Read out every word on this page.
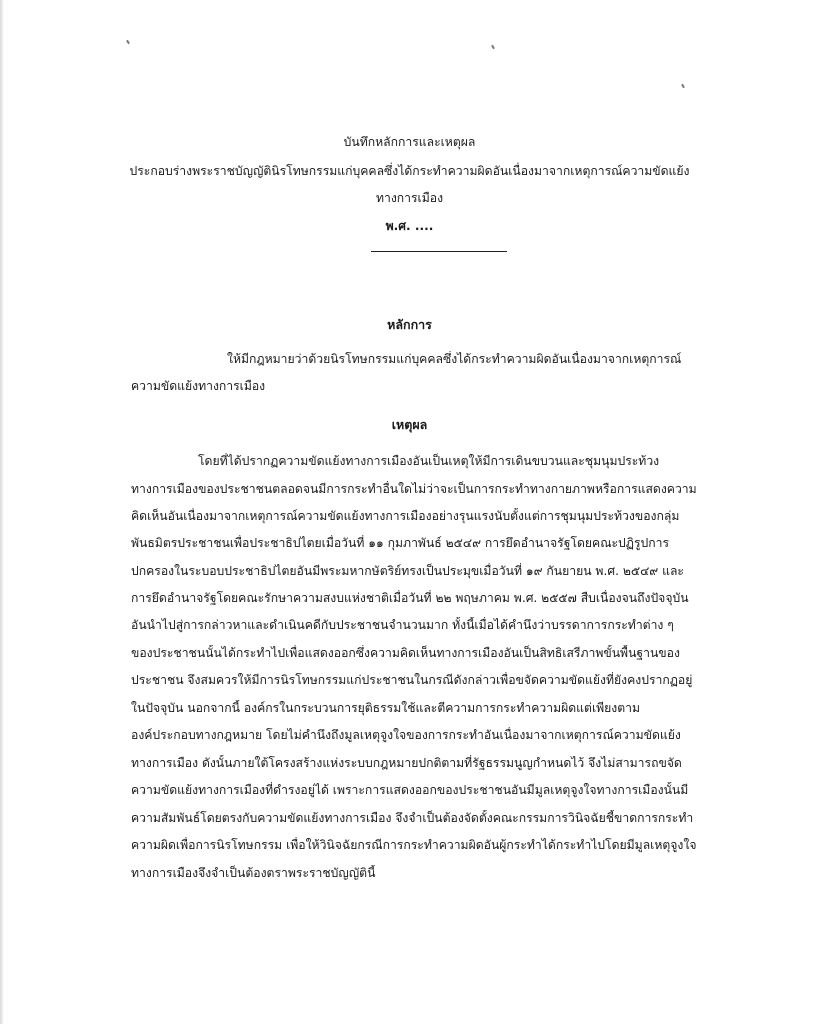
บันทึกหลักการและเหตุผล
ประกอบร่างพระราชบัญญัตินิรโทษกรรมแก่บุคคลซึ่งได้กระทำความผิดอันเนื่องมาจากเหตุการณ์ความขัดแย้ง
ทางการเมือง
พ.ศ. ....
หลักการ
ให้มีกฎหมายว่าด้วยนิรโทษกรรมแก่บุคคลซึ่งได้กระทำความผิดอันเนื่องมาจากเหตุการณ์
ความขัดแย้งทางการเมือง
เหตุผล
โดยที่ได้ปรากฏความขัดแย้งทางการเมืองอันเป็นเหตุให้มีการเดินขบวนและชุมนุมประท้วง
ทางการเมืองของประชาชนตลอดจนมีการกระทำอื่นใดไม่ว่าจะเป็นการกระทำทางกายภาพหรือการแสดงความ
คิดเห็นอันเนื่องมาจากเหตุการณ์ความขัดแย้งทางการเมืองอย่างรุนแรงนับตั้งแต่การชุมนุมประท้วงของกลุ่ม
พันธมิตรประชาชนเพื่อประชาธิปไตยเมื่อวันที่ ๑๑ กุมภาพันธ์ ๒๕๔๙ การยึดอำนาจรัฐโดยคณะปฏิรูปการ
ปกครองในระบอบประชาธิปไตยอันมีพระมหากษัตริย์ทรงเป็นประมุขเมื่อวันที่ ๑๙ กันยายน พ.ศ. ๒๕๔๙ และ
การยึดอำนาจรัฐโดยคณะรักษาความสงบแห่งชาติเมื่อวันที่ ๒๒ พฤษภาคม พ.ศ. ๒๕๕๗ สืบเนื่องจนถึงปัจจุบัน
อันนำไปสู่การกล่าวหาและดำเนินคดีกับประชาชนจำนวนมาก ทั้งนี้เมื่อได้คำนึงว่าบรรดาการกระทำต่าง ๆ
ของประชาชนนั้นได้กระทำไปเพื่อแสดงออกซึ่งความคิดเห็นทางการเมืองอันเป็นสิทธิเสรีภาพขั้นพื้นฐานของ
ประชาชน จึงสมควรให้มีการนิรโทษกรรมแก่ประชาชนในกรณีดังกล่าวเพื่อขจัดความขัดแย้งที่ยังคงปรากฏอยู่
ในปัจจุบัน นอกจากนี้ องค์กรในกระบวนการยุติธรรมใช้และตีความการกระทำความผิดแต่เพียงตาม
องค์ประกอบทางกฎหมาย โดยไม่คำนึงถึงมูลเหตุจูงใจของการกระทำอันเนื่องมาจากเหตุการณ์ความขัดแย้ง
ทางการเมือง ดังนั้นภายใต้โครงสร้างแห่งระบบกฎหมายปกติตามที่รัฐธรรมนูญกำหนดไว้ จึงไม่สามารถขจัด
ความขัดแย้งทางการเมืองที่ดำรงอยู่ได้ เพราะการแสดงออกของประชาชนอันมีมูลเหตุจูงใจทางการเมืองนั้นมี
ความสัมพันธ์โดยตรงกับความขัดแย้งทางการเมือง จึงจำเป็นต้องจัดตั้งคณะกรรมการวินิจฉัยชี้ขาดการกระทำ
ความผิดเพื่อการนิรโทษกรรม เพื่อให้วินิจฉัยกรณีการกระทำความผิดอันผู้กระทำได้กระทำไปโดยมีมูลเหตุจูงใจ
ทางการเมืองจึงจำเป็นต้องตราพระราชบัญญัตินี้
